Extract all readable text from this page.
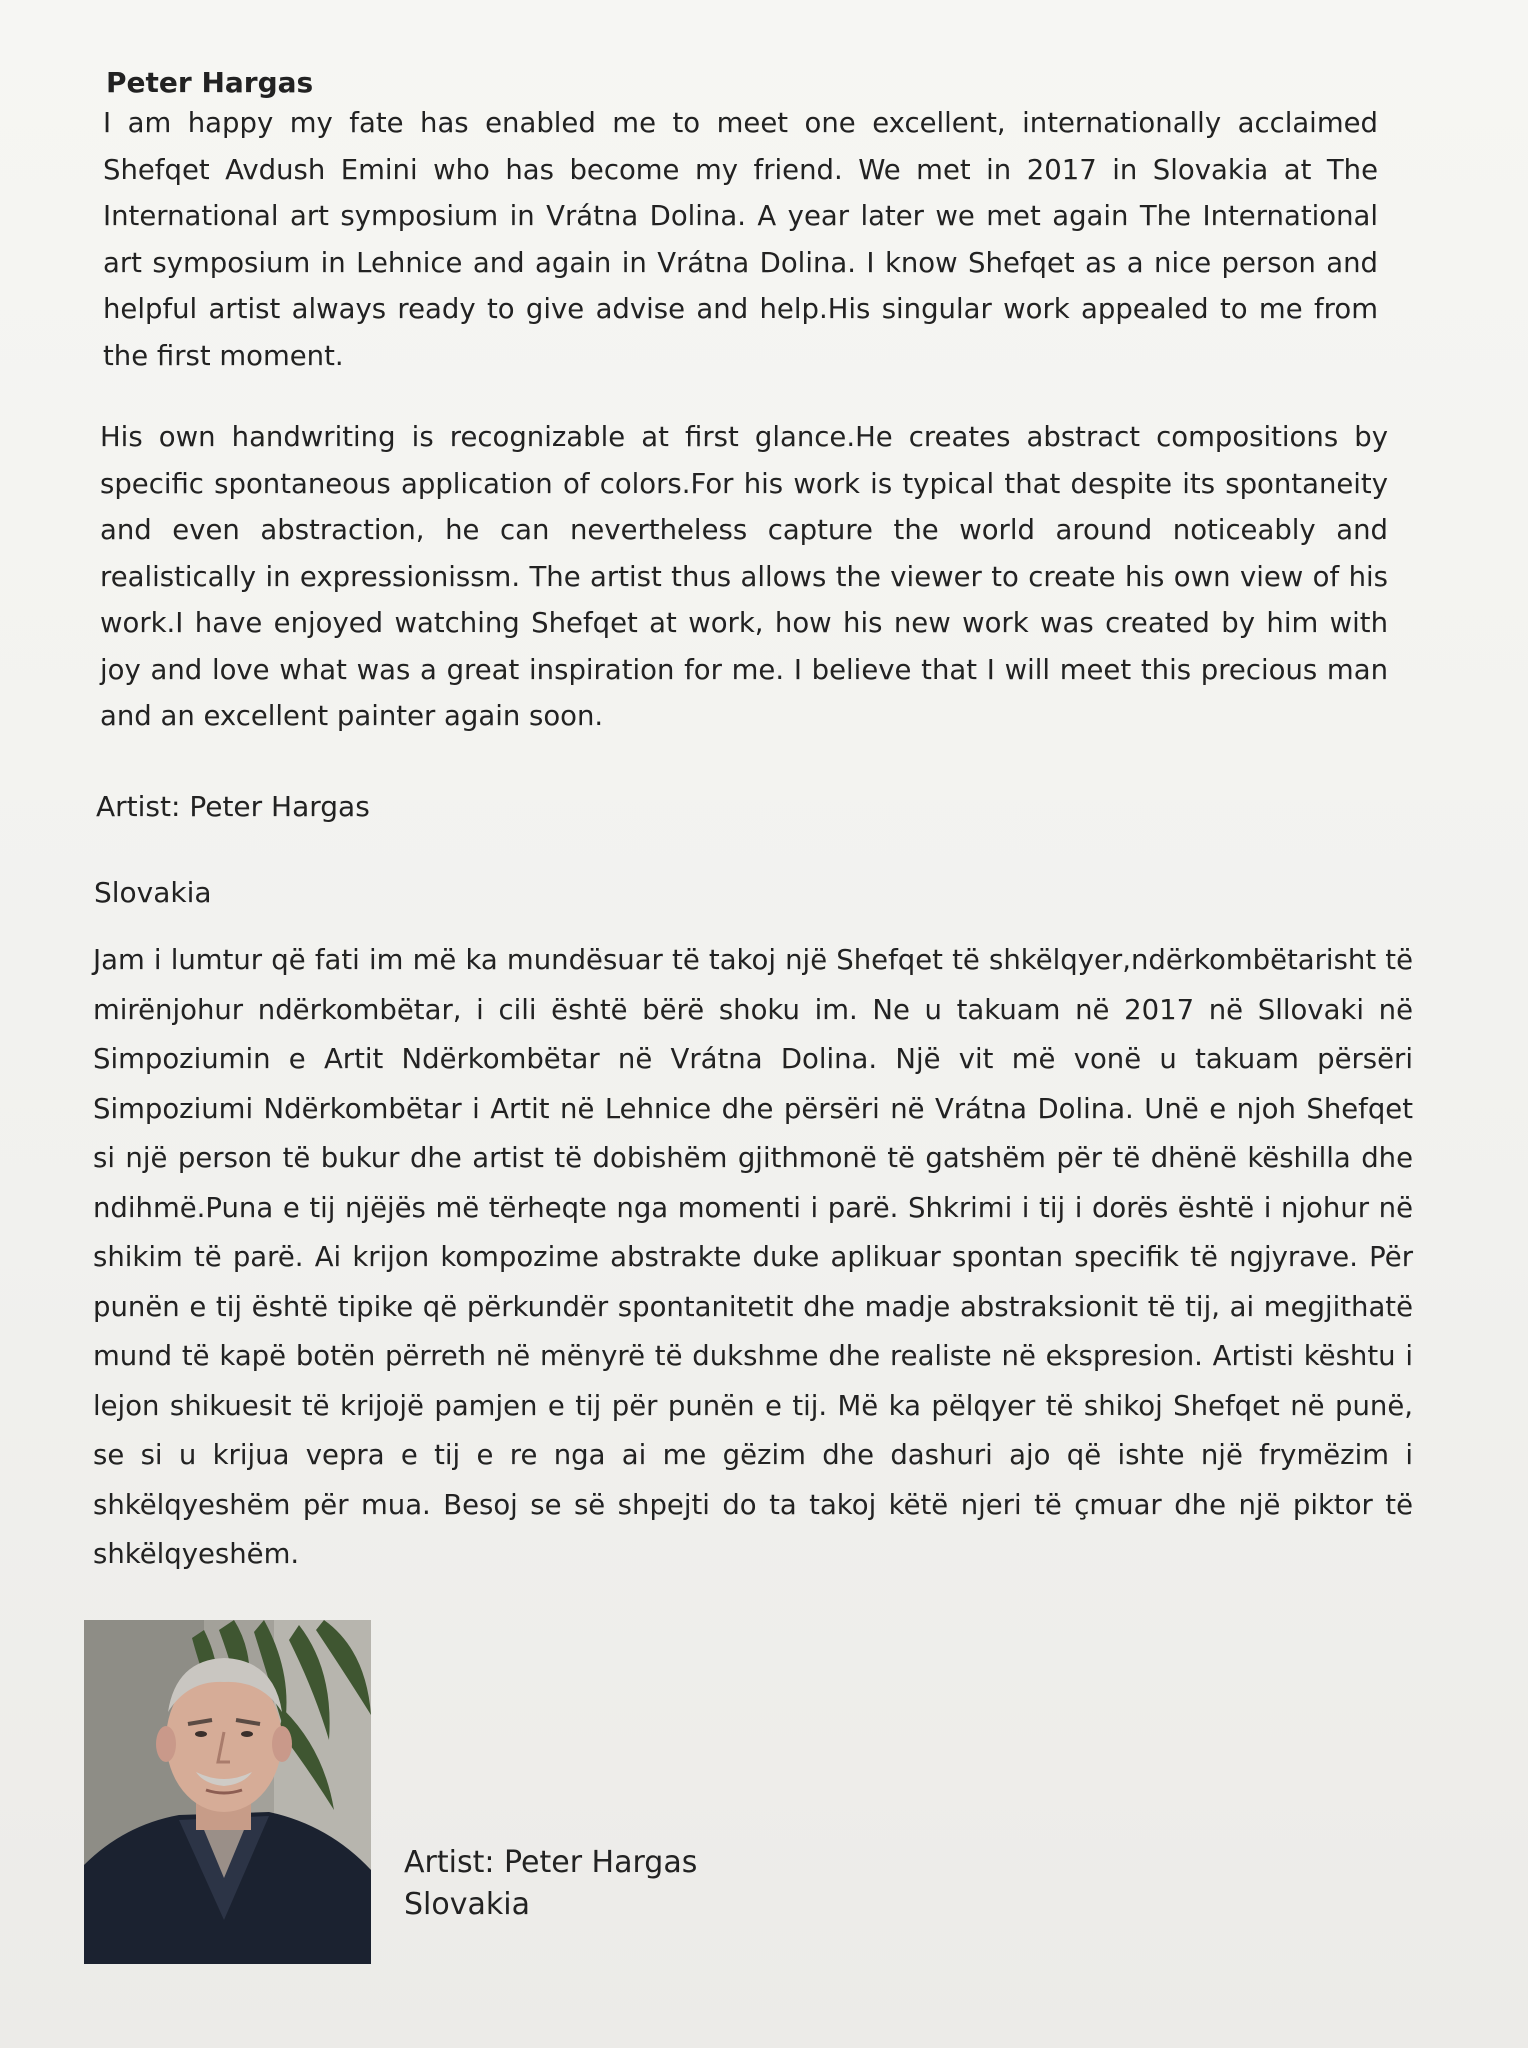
Peter Hargas

I am happy my fate has enabled me to meet one excellent, internationally acclaimed Shefqet Avdush Emini who has become my friend. We met in 2017 in Slovakia at The International art symposium in Vrátna Dolina. A year later we met again The International art symposium in Lehnice and again in Vrátna Dolina. I know Shefqet as a nice person and helpful artist always ready to give advise and help.His singular work appealed to me from the first moment.

His own handwriting is recognizable at first glance.He creates abstract compositions by specific spontaneous application of colors.For his work is typical that despite its spontaneity and even abstraction, he can nevertheless capture the world around noticeably and realistically in expressionissm. The artist thus allows the viewer to create his own view of his work.I have enjoyed watching Shefqet at work, how his new work was created by him with joy and love what was a great inspiration for me. I believe that I will meet this precious man and an excellent painter again soon.

Artist: Peter Hargas
Slovakia

Jam i lumtur që fati im më ka mundësuar të takoj një Shefqet të shkëlqyer,ndërkombëtarisht të mirënjohur ndërkombëtar, i cili është bërë shoku im. Ne u takuam në 2017 në Sllovaki në Simpoziumin e Artit Ndërkombëtar në Vrátna Dolina. Një vit më vonë u takuam përsëri Simpoziumi Ndërkombëtar i Artit në Lehnice dhe përsëri në Vrátna Dolina. Unë e njoh Shefqet si një person të bukur dhe artist të dobishëm gjithmonë të gatshëm për të dhënë këshilla dhe ndihmë.Puna e tij njëjës më tërheqte nga momenti i parë. Shkrimi i tij i dorës është i njohur në shikim të parë. Ai krijon kompozime abstrakte duke aplikuar spontan specifik të ngjyrave. Për punën e tij është tipike që përkundër spontanitetit dhe madje abstraksionit të tij, ai megjithatë mund të kapë botën përreth në mënyrë të dukshme dhe realiste në ekspresion. Artisti kështu i lejon shikuesit të krijojë pamjen e tij për punën e tij. Më ka pëlqyer të shikoj Shefqet në punë, se si u krijua vepra e tij e re nga ai me gëzim dhe dashuri ajo që ishte një frymëzim i shkëlqyeshëm për mua. Besoj se së shpejti do ta takoj këtë njeri të çmuar dhe një piktor të shkëlqyeshëm.

Artist: Peter Hargas
Slovakia
